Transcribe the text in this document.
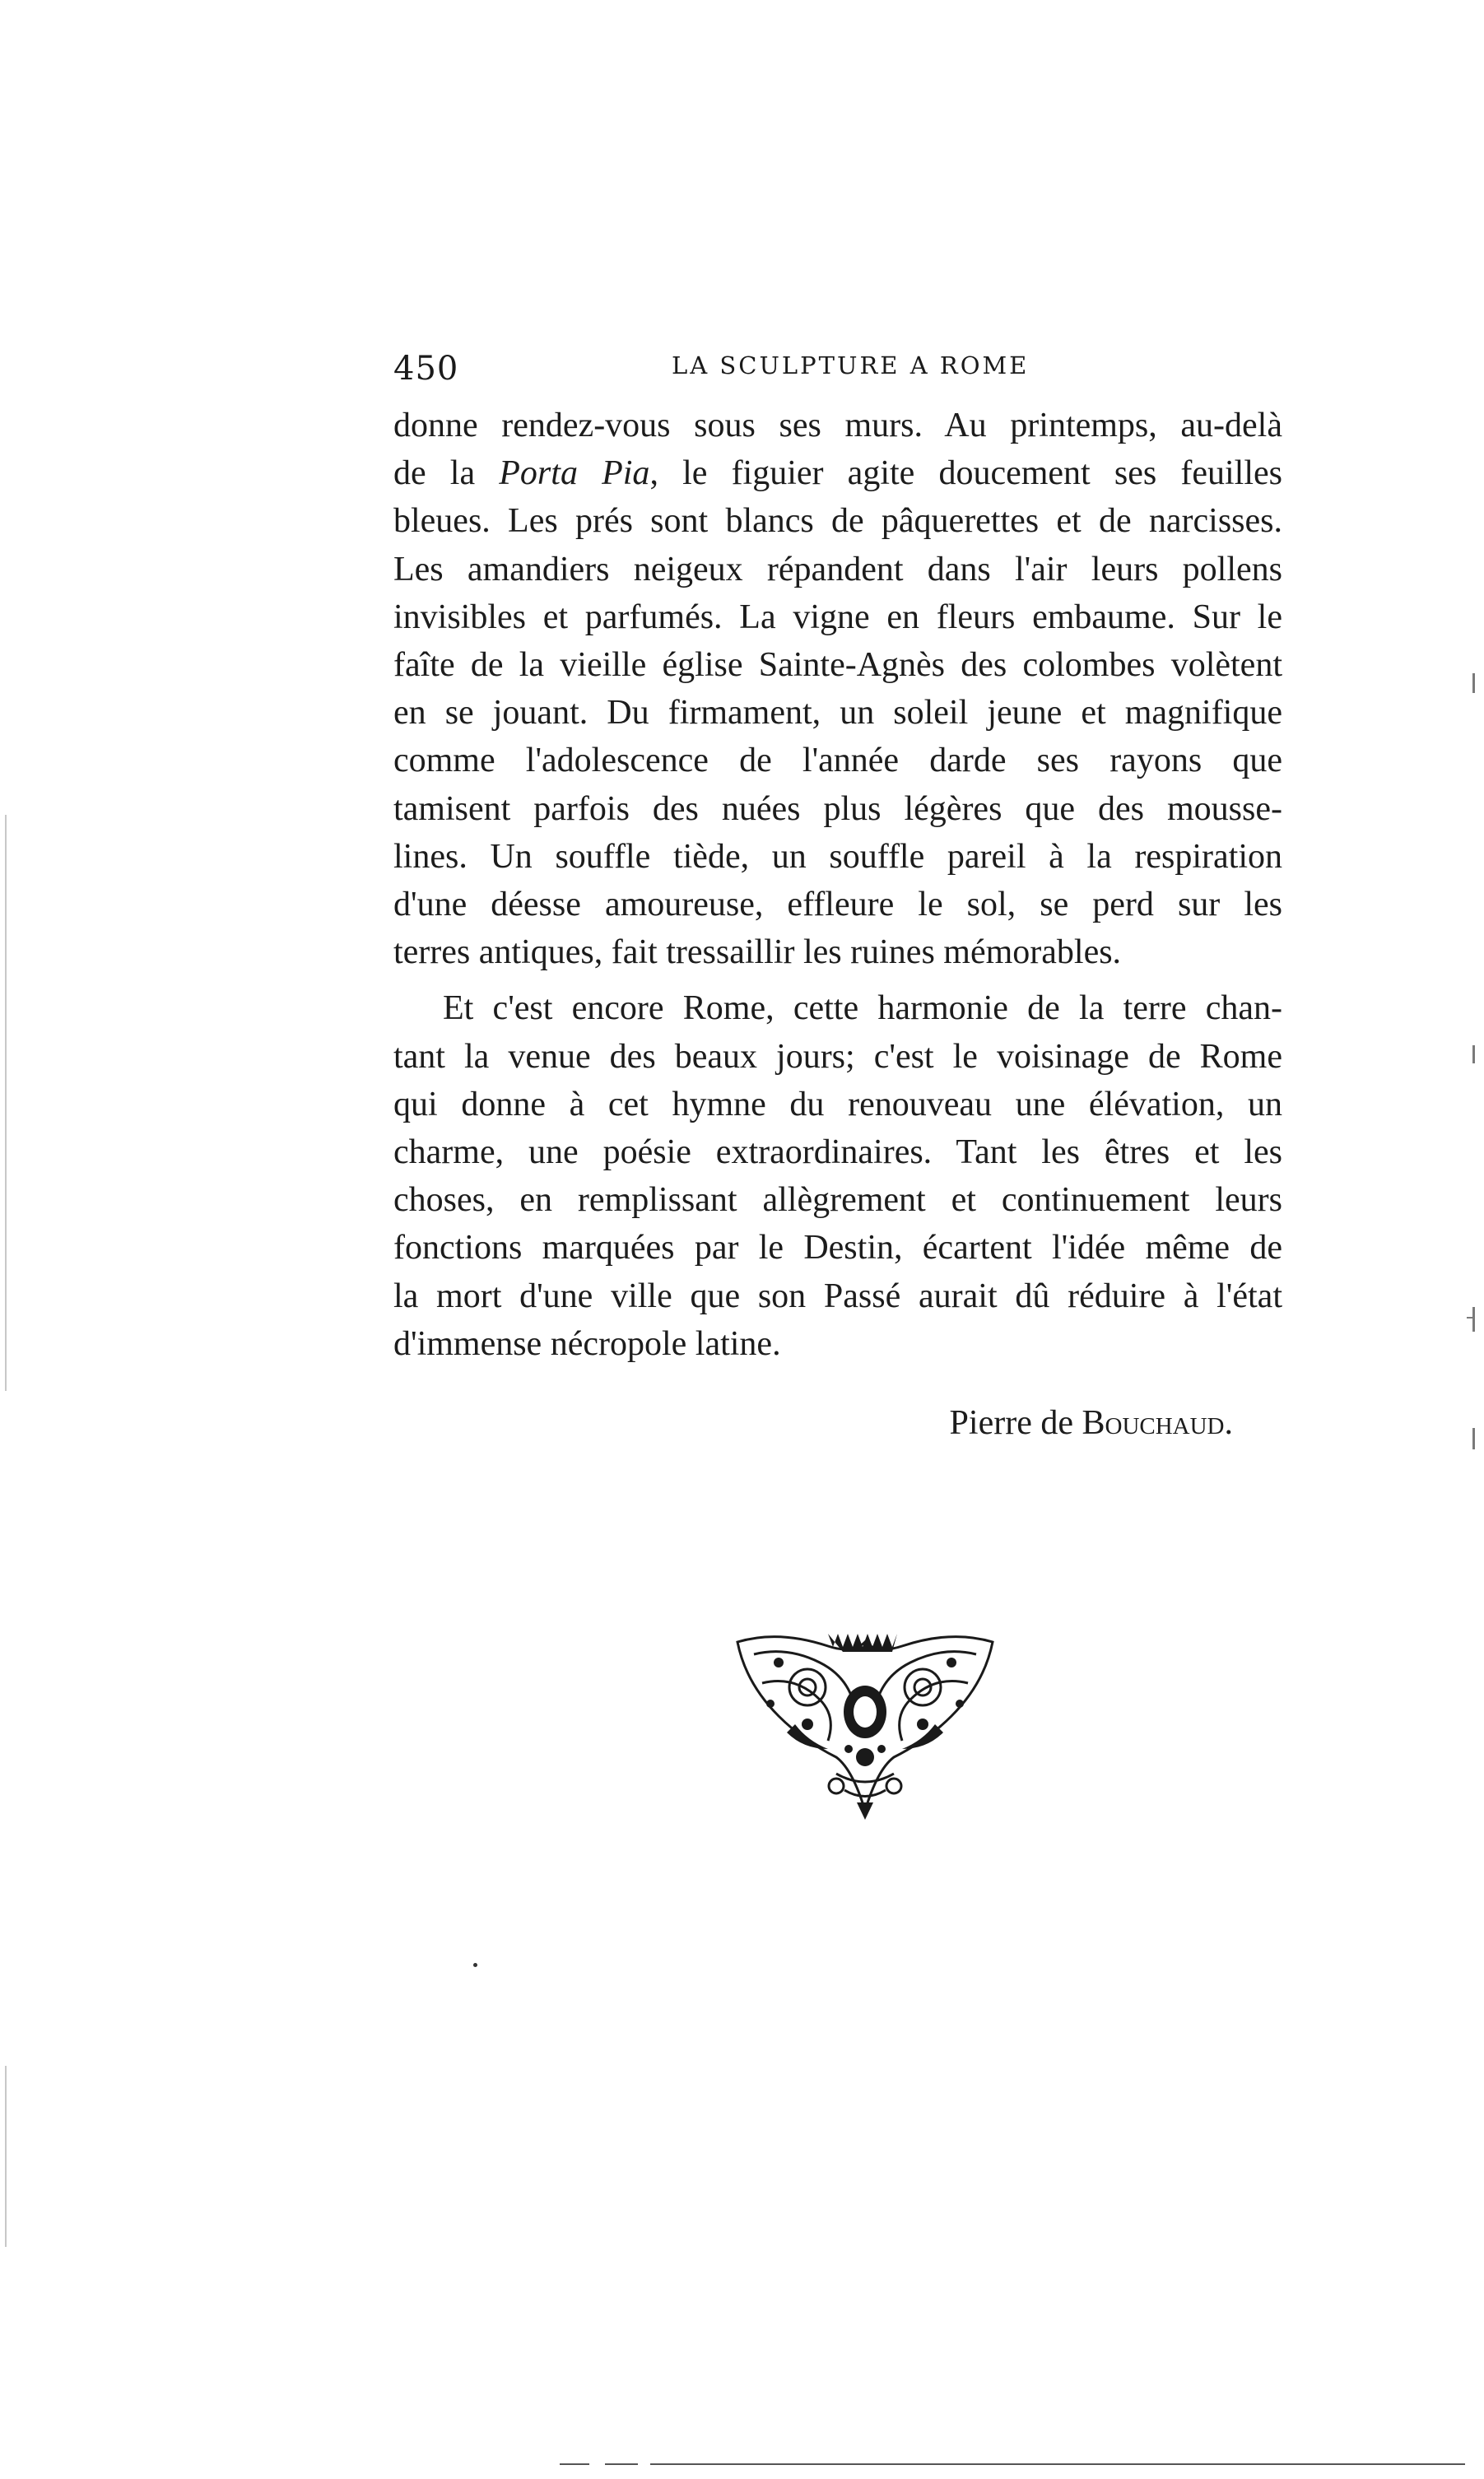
450	LA SCULPTURE A ROME
donne rendez-vous sous ses murs. Au printemps, au-delà
de la Porta Pia, le figuier agite doucement ses feuilles
bleues. Les prés sont blancs de pâquerettes et de narcisses.
Les amandiers neigeux répandent dans l'air leurs pollens
invisibles et parfumés. La vigne en fleurs embaume. Sur le
faîte de la vieille église Sainte-Agnès des colombes volètent
en se jouant. Du firmament, un soleil jeune et magnifique
comme l'adolescence de l'année darde ses rayons que
tamisent parfois des nuées plus légères que des mousse-
lines. Un souffle tiède, un souffle pareil à la respiration
d'une déesse amoureuse, effleure le sol, se perd sur les
terres antiques, fait tressaillir les ruines mémorables.
Et c'est encore Rome, cette harmonie de la terre chan-
tant la venue des beaux jours; c'est le voisinage de Rome
qui donne à cet hymne du renouveau une élévation, un
charme, une poésie extraordinaires. Tant les êtres et les
choses, en remplissant allègrement et continuement leurs
fonctions marquées par le Destin, écartent l'idée même de
la mort d'une ville que son Passé aurait dû réduire à l'état
d'immense nécropole latine.
Pierre de Bouchaud.
